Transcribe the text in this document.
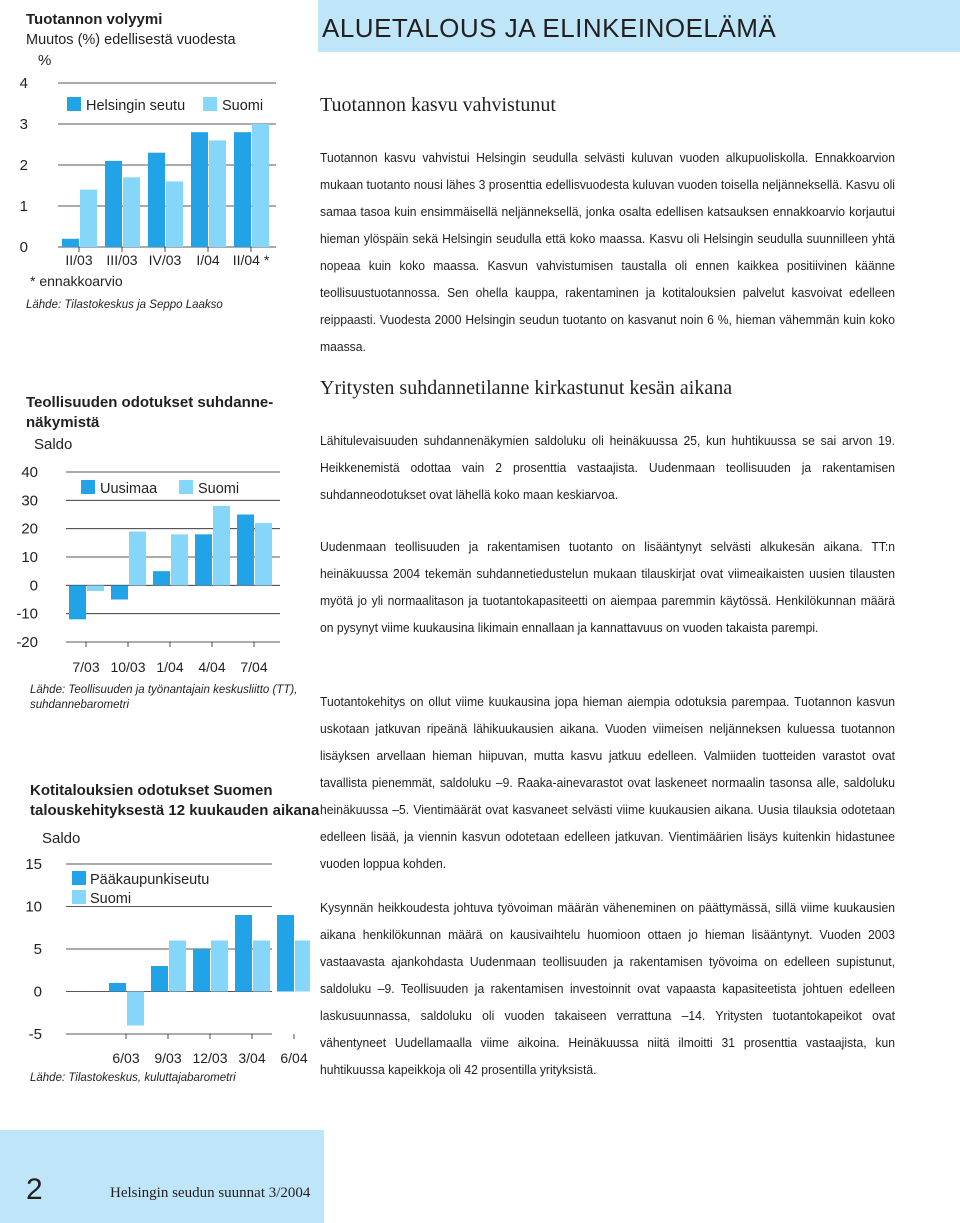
Tuotannon volyymi
Muutos (%) edellisestä vuodesta
%
0
1
2
3
4
II/03 III/03 IV/03 I/04 II/04 *
Helsingin seutu	Suomi
* ennakkoarvio
Lähde: Tilastokeskus ja Seppo Laakso
Teollisuuden odotukset suhdanne-
näkymistä
Saldo
-20
-10
0
10
20
30
40
7/03 10/03 1/04 4/04 7/04
Uusimaa	Suomi
Lähde: Teollisuuden ja työnantajain keskusliitto (TT),
suhdannebarometri
Kotitalouksien odotukset Suomen
talouskehityksestä 12 kuukauden aikana
Saldo
-5
0
5
10
15
6/03 9/03 12/03 3/04 6/04
Pääkaupunkiseutu
Suomi
Lähde: Tilastokeskus, kuluttajabarometri
ALUETALOUS JA ELINKEINOELÄMÄ
Tuotannon kasvu vahvistunut
Tuotannon kasvu vahvistui Helsingin seudulla selvästi kuluvan vuoden alkupuoliskolla. Ennakkoarvion mukaan tuotanto nousi lähes 3 prosenttia edellisvuodesta kuluvan vuoden toisella neljänneksellä. Kasvu oli samaa tasoa kuin ensimmäisellä neljänneksellä, jonka osalta edellisen katsauksen ennakkoarvio korjautui hieman ylöspäin sekä Helsingin seudulla että koko maassa. Kasvu oli Helsingin seudulla suunnilleen yhtä nopeaa kuin koko maassa. Kasvun vahvistumisen taustalla oli ennen kaikkea positiivinen käänne teollisuustuotannossa. Sen ohella kauppa, rakentaminen ja kotitalouksien palvelut kasvoivat edelleen reippaasti. Vuodesta 2000 Helsingin seudun tuotanto on kasvanut noin 6 %, hieman vähemmän kuin koko maassa.
Yritysten suhdannetilanne kirkastunut kesän aikana
Lähitulevaisuuden suhdannenäkymien saldoluku oli heinäkuussa 25, kun huhtikuussa se sai arvon 19. Heikkenemistä odottaa vain 2 prosenttia vastaajista. Uudenmaan teollisuuden ja rakentamisen suhdanneodotukset ovat lähellä koko maan keskiarvoa.
Uudenmaan teollisuuden ja rakentamisen tuotanto on lisääntynyt selvästi alkukesän aikana. TT:n heinäkuussa 2004 tekemän suhdannetiedustelun mukaan tilauskirjat ovat viimeaikaisten uusien tilausten myötä jo yli normaalitason ja tuotantokapasiteetti on aiempaa paremmin käytössä. Henkilökunnan määrä on pysynyt viime kuukausina likimain ennallaan ja kannattavuus on vuoden takaista parempi.
Tuotantokehitys on ollut viime kuukausina jopa hieman aiempia odotuksia parempaa. Tuotannon kasvun uskotaan jatkuvan ripeänä lähikuukausien aikana. Vuoden viimeisen neljänneksen kuluessa tuotannon lisäyksen arvellaan hieman hiipuvan, mutta kasvu jatkuu edelleen. Valmiiden tuotteiden varastot ovat tavallista pienemmät, saldoluku –9. Raaka-ainevarastot ovat laskeneet normaalin tasonsa alle, saldoluku heinäkuussa –5. Vientimäärät ovat kasvaneet selvästi viime kuukausien aikana. Uusia tilauksia odotetaan edelleen lisää, ja viennin kasvun odotetaan edelleen jatkuvan. Vientimäärien lisäys kuitenkin hidastunee vuoden loppua kohden.
Kysynnän heikkoudesta johtuva työvoiman määrän väheneminen on päättymässä, sillä viime kuukausien aikana henkilökunnan määrä on kausivaihtelu huomioon ottaen jo hieman lisääntynyt. Vuoden 2003 vastaavasta ajankohdasta Uudenmaan teollisuuden ja rakentamisen työvoima on edelleen supistunut, saldoluku –9. Teollisuuden ja rakentamisen investoinnit ovat vapaasta kapasiteetista johtuen edelleen laskusuunnassa, saldoluku oli vuoden takaiseen verrattuna –14. Yritysten tuotantokapeikot ovat vähentyneet Uudellamaalla viime aikoina. Heinäkuussa niitä ilmoitti 31 prosenttia vastaajista, kun huhtikuussa kapeikkoja oli 42 prosentilla yrityksistä.
2	Helsingin seudun suunnat 3/2004
